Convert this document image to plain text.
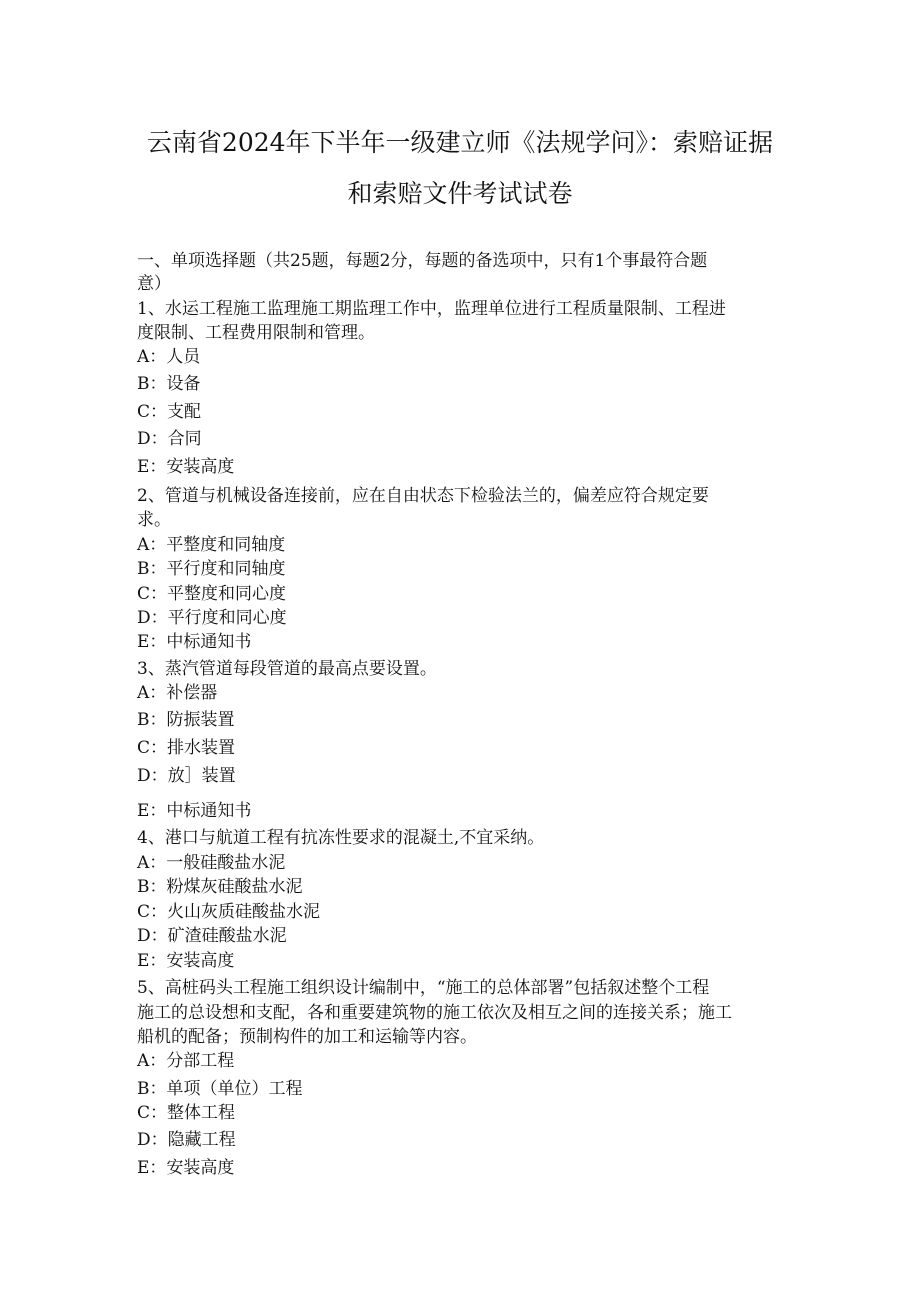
云南省2024年下半年一级建立师《法规学问》：索赔证据
和索赔文件考试试卷
一、单项选择题（共25题，每题2分，每题的备选项中，只有1个事最符合题
意）
1、水运工程施工监理施工期监理工作中，监理单位进行工程质量限制、工程进
度限制、工程费用限制和管理。
A：人员
B：设备
C：支配
D：合同
E：安装高度
2、管道与机械设备连接前，应在自由状态下检验法兰的，偏差应符合规定要
求。
A：平整度和同轴度
B：平行度和同轴度
C：平整度和同心度
D：平行度和同心度
E：中标通知书
3、蒸汽管道每段管道的最高点要设置。
A：补偿器
B：防振装置
C：排水装置
D：放］装置
E：中标通知书
4、港口与航道工程有抗冻性要求的混凝土,不宜采纳。
A：一般硅酸盐水泥
B：粉煤灰硅酸盐水泥
C：火山灰质硅酸盐水泥
D：矿渣硅酸盐水泥
E：安装高度
5、高桩码头工程施工组织设计编制中，“施工的总体部署”包括叙述整个工程
施工的总设想和支配，各和重要建筑物的施工依次及相互之间的连接关系；施工
船机的配备；预制构件的加工和运输等内容。
A：分部工程
B：单项（单位）工程
C：整体工程
D：隐藏工程
E：安装高度
